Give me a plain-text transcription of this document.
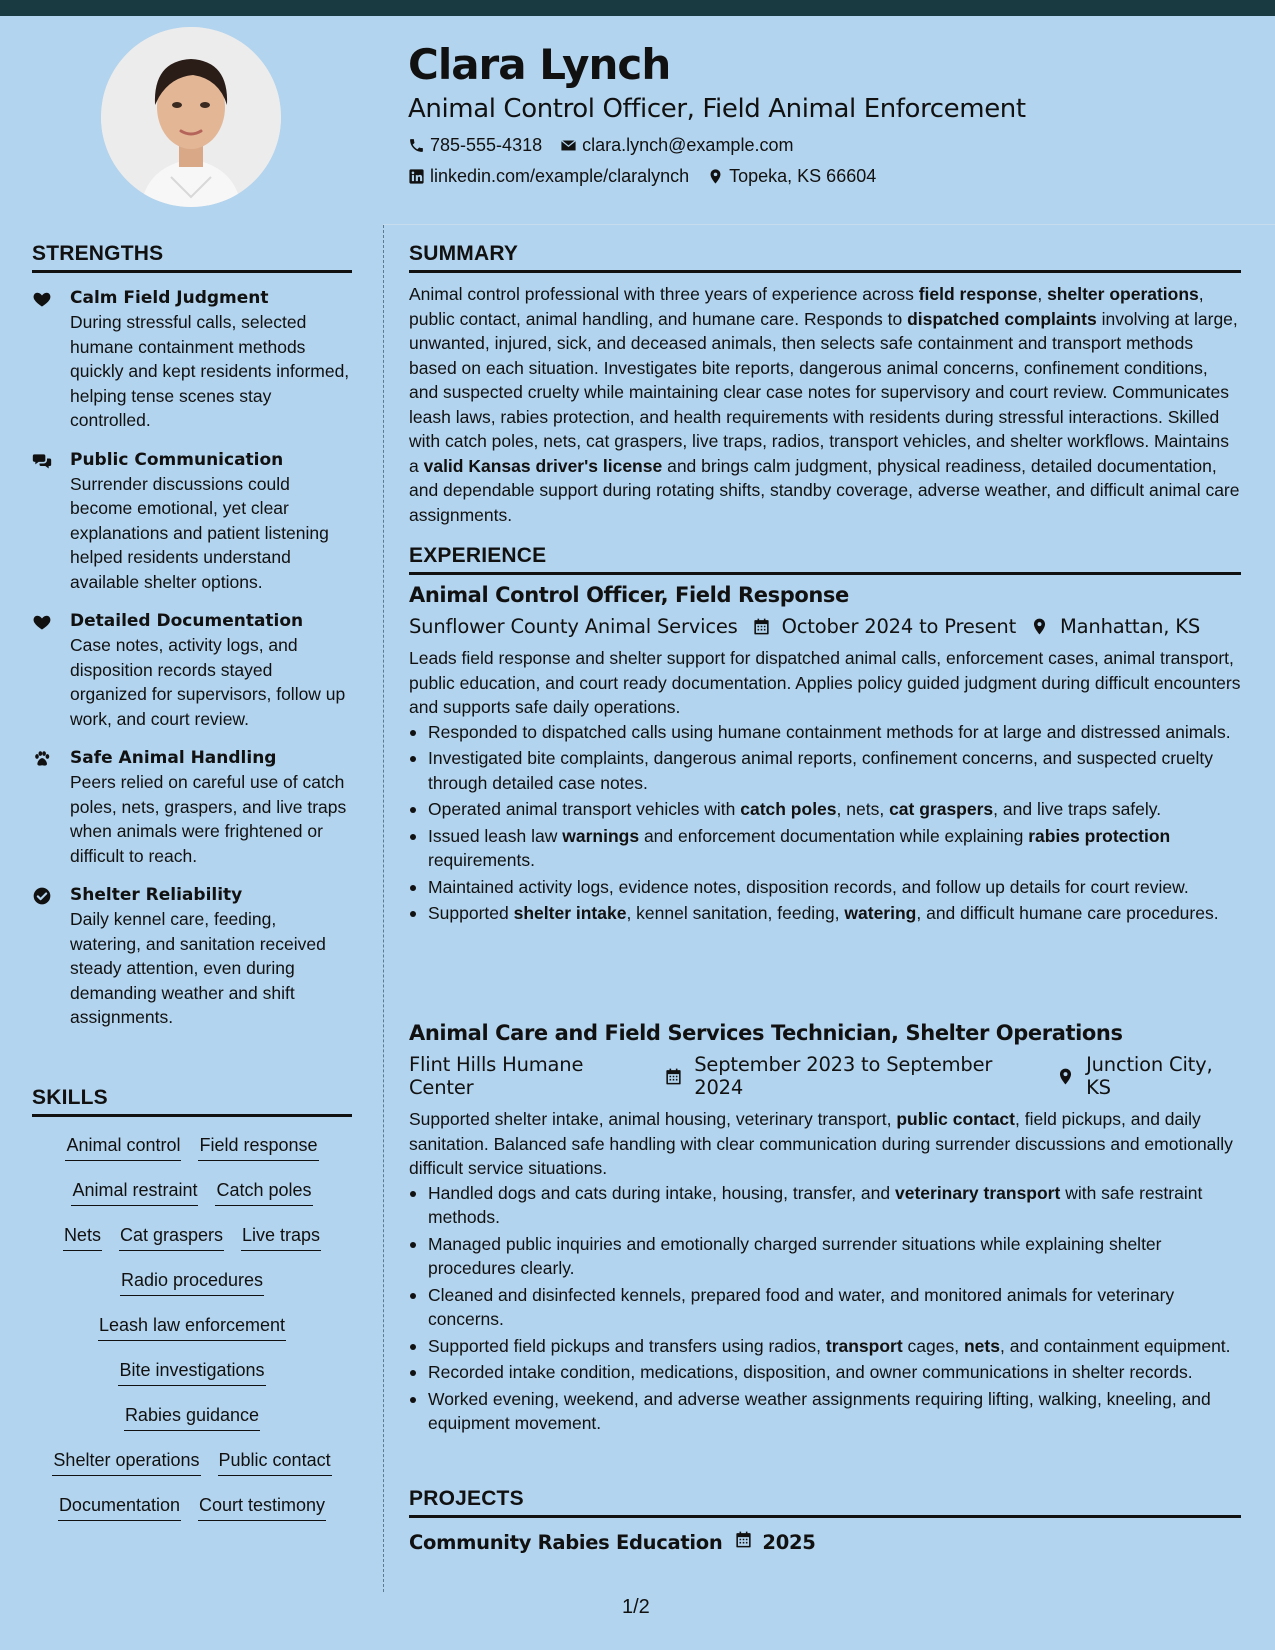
Clara Lynch
Animal Control Officer, Field Animal Enforcement
785-555-4318 clara.lynch@example.com
linkedin.com/example/claralynch Topeka, KS 66604
STRENGTHS
Calm Field Judgment
During stressful calls, selected humane containment methods quickly and kept residents informed, helping tense scenes stay controlled.
Public Communication
Surrender discussions could become emotional, yet clear explanations and patient listening helped residents understand available shelter options.
Detailed Documentation
Case notes, activity logs, and disposition records stayed organized for supervisors, follow up work, and court review.
Safe Animal Handling
Peers relied on careful use of catch poles, nets, graspers, and live traps when animals were frightened or difficult to reach.
Shelter Reliability
Daily kennel care, feeding, watering, and sanitation received steady attention, even during demanding weather and shift assignments.
SKILLS
Animal control Field response
Animal restraint Catch poles
Nets Cat graspers Live traps
Radio procedures
Leash law enforcement
Bite investigations
Rabies guidance
Shelter operations Public contact
Documentation Court testimony
SUMMARY
Animal control professional with three years of experience across field response, shelter operations, public contact, animal handling, and humane care. Responds to dispatched complaints involving at large, unwanted, injured, sick, and deceased animals, then selects safe containment and transport methods based on each situation. Investigates bite reports, dangerous animal concerns, confinement conditions, and suspected cruelty while maintaining clear case notes for supervisory and court review. Communicates leash laws, rabies protection, and health requirements with residents during stressful interactions. Skilled with catch poles, nets, cat graspers, live traps, radios, transport vehicles, and shelter workflows. Maintains a valid Kansas driver's license and brings calm judgment, physical readiness, detailed documentation, and dependable support during rotating shifts, standby coverage, adverse weather, and difficult animal care assignments.
EXPERIENCE
Animal Control Officer, Field Response
Sunflower County Animal Services October 2024 to Present Manhattan, KS
Leads field response and shelter support for dispatched animal calls, enforcement cases, animal transport, public education, and court ready documentation. Applies policy guided judgment during difficult encounters and supports safe daily operations.
Responded to dispatched calls using humane containment methods for at large and distressed animals.
Investigated bite complaints, dangerous animal reports, confinement concerns, and suspected cruelty through detailed case notes.
Operated animal transport vehicles with catch poles, nets, cat graspers, and live traps safely.
Issued leash law warnings and enforcement documentation while explaining rabies protection requirements.
Maintained activity logs, evidence notes, disposition records, and follow up details for court review.
Supported shelter intake, kennel sanitation, feeding, watering, and difficult humane care procedures.
Animal Care and Field Services Technician, Shelter Operations
Flint Hills Humane Center
September 2023 to September 2024
Junction City, KS
Supported shelter intake, animal housing, veterinary transport, public contact, field pickups, and daily sanitation. Balanced safe handling with clear communication during surrender discussions and emotionally difficult service situations.
Handled dogs and cats during intake, housing, transfer, and veterinary transport with safe restraint methods.
Managed public inquiries and emotionally charged surrender situations while explaining shelter procedures clearly.
Cleaned and disinfected kennels, prepared food and water, and monitored animals for veterinary concerns.
Supported field pickups and transfers using radios, transport cages, nets, and containment equipment.
Recorded intake condition, medications, disposition, and owner communications in shelter records.
Worked evening, weekend, and adverse weather assignments requiring lifting, walking, kneeling, and equipment movement.
PROJECTS
Community Rabies Education 2025
1/2
